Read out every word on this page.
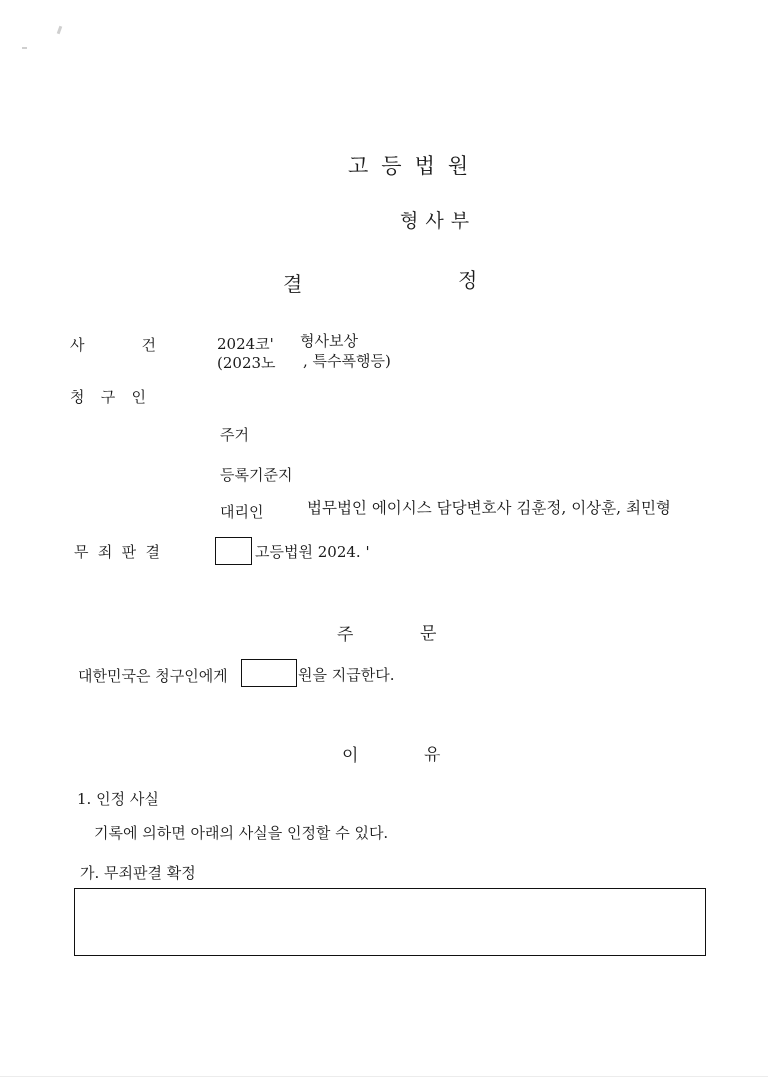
고등법원
형사부
결	정
사	건	2024코' 형사보상
(2023노 , 특수폭행등)
청 구 인
주거
등록기준지
대리인	법무법인 에이시스 담당변호사 김훈정, 이상훈, 최민형
무 죄 판 결	고등법원 2024. '
주	문
대한민국은 청구인에게	원을 지급한다.
이	유
1. 인정 사실
기록에 의하면 아래의 사실을 인정할 수 있다.
가. 무죄판결 확정
